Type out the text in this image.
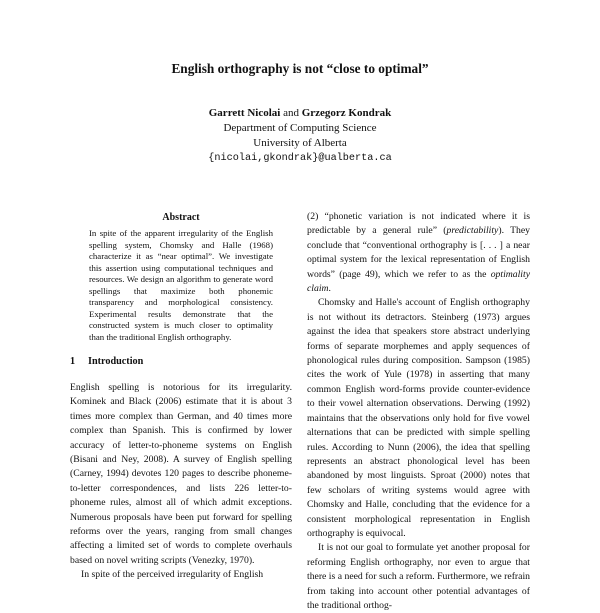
English orthography is not “close to optimal”
Garrett Nicolai and Grzegorz Kondrak
Department of Computing Science
University of Alberta
{nicolai,gkondrak}@ualberta.ca
Abstract

In spite of the apparent irregularity of the English spelling system, Chomsky and Halle (1968) characterize it as “near optimal”. We investigate this assertion using computational techniques and resources. We design an algorithm to generate word spellings that maximize both phonemic transparency and morphological consistency. Experimental results demonstrate that the constructed system is much closer to optimality than the traditional English orthography.

1 Introduction

English spelling is notorious for its irregularity. Kominek and Black (2006) estimate that it is about 3 times more complex than German, and 40 times more complex than Spanish. This is confirmed by lower accuracy of letter-to-phoneme systems on English (Bisani and Ney, 2008). A survey of English spelling (Carney, 1994) devotes 120 pages to describe phoneme-to-letter correspondences, and lists 226 letter-to-phoneme rules, almost all of which admit exceptions. Numerous proposals have been put forward for spelling reforms over the years, ranging from small changes affecting a limited set of words to complete overhauls based on novel writing scripts (Venezky, 1970).

In spite of the perceived irregularity of English

(2) “phonetic variation is not indicated where it is predictable by a general rule” (predictability). They conclude that “conventional orthography is [. . . ] a near optimal system for the lexical representation of English words” (page 49), which we refer to as the optimality claim.

Chomsky and Halle's account of English orthography is not without its detractors. Steinberg (1973) argues against the idea that speakers store abstract underlying forms of separate morphemes and apply sequences of phonological rules during composition. Sampson (1985) cites the work of Yule (1978) in asserting that many common English word-forms provide counter-evidence to their vowel alternation observations. Derwing (1992) maintains that the observations only hold for five vowel alternations that can be predicted with simple spelling rules. According to Nunn (2006), the idea that spelling represents an abstract phonological level has been abandoned by most linguists. Sproat (2000) notes that few scholars of writing systems would agree with Chomsky and Halle, concluding that the evidence for a consistent morphological representation in English orthography is equivocal.

It is not our goal to formulate yet another proposal for reforming English orthography, nor even to argue that there is a need for such a reform. Furthermore, we refrain from taking into account other potential advantages of the traditional orthog-
